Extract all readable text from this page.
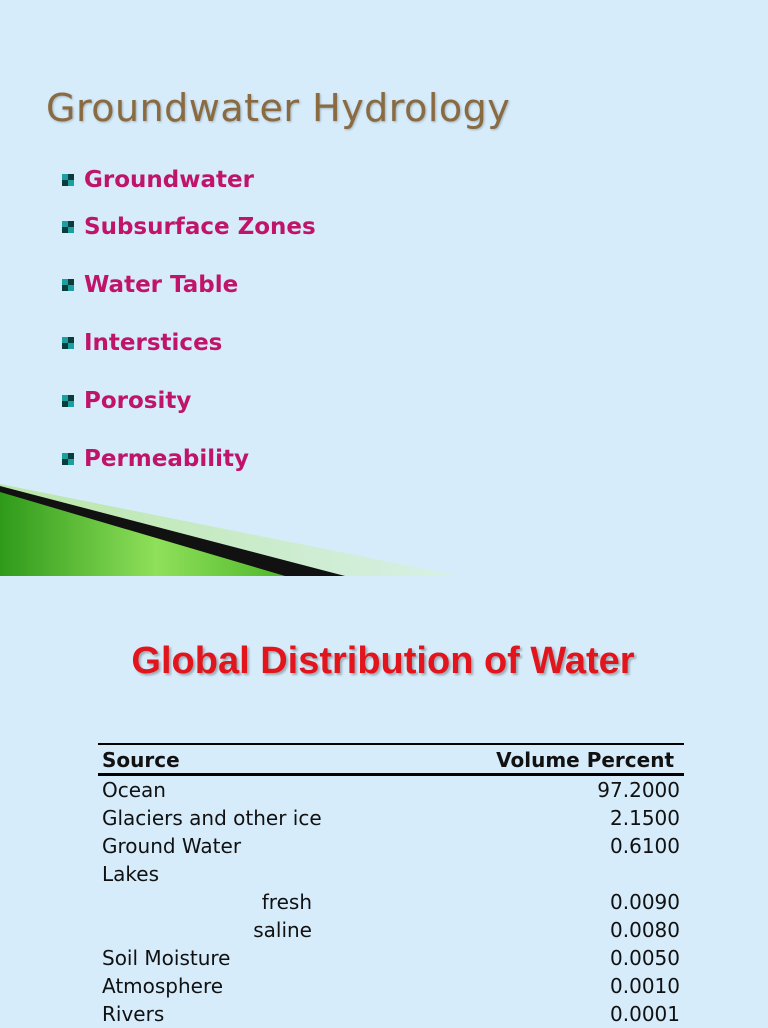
Groundwater Hydrology
Groundwater
Subsurface Zones
Water Table
Interstices
Porosity
Permeability
Global Distribution of Water
Source	Volume Percent
Ocean	97.2000
Glaciers and other ice	2.1500
Ground Water	0.6100
Lakes	
fresh	0.0090
saline	0.0080
Soil Moisture	0.0050
Atmosphere	0.0010
Rivers	0.0001
